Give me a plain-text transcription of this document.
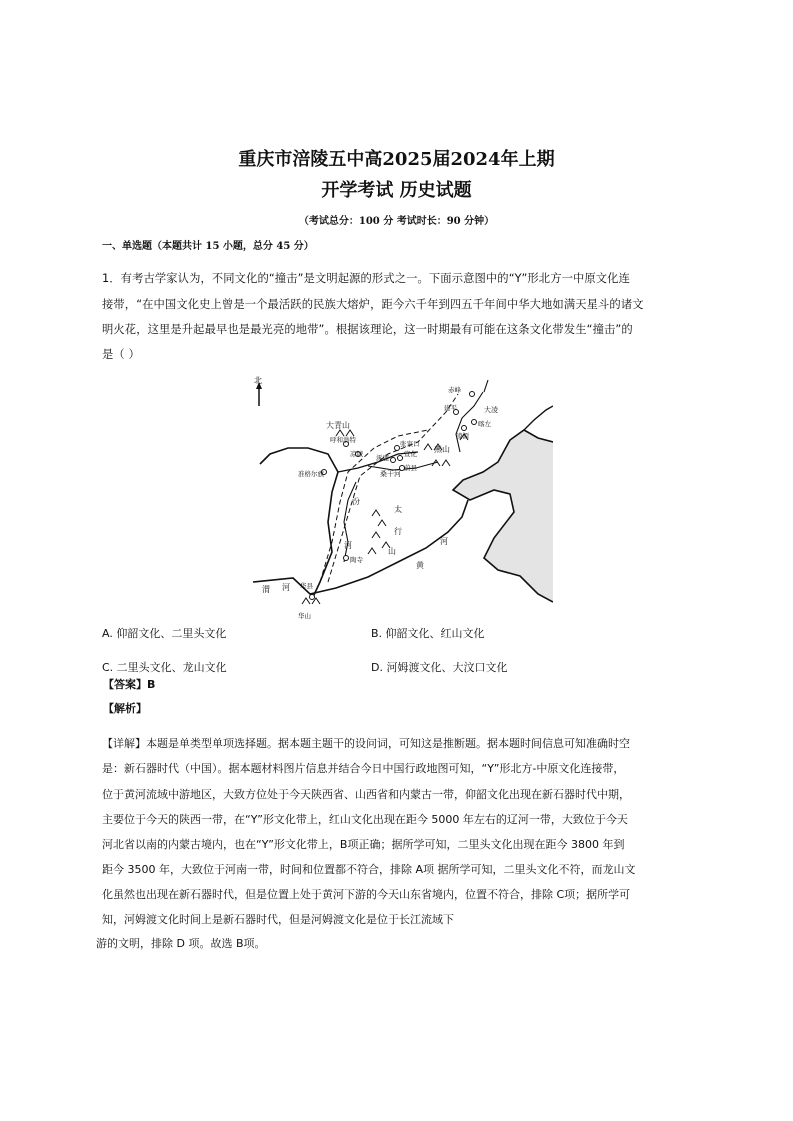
重庆市涪陵五中高2025届2024年上期
开学考试 历史试题
（考试总分：100 分 考试时长：90 分钟）
一、单选题（本题共计 15 小题，总分 45 分）
1．有考古学家认为，不同文化的“撞击”是文明起源的形式之一。下面示意图中的“Y”形北方一中原文化连
接带，“在中国文化史上曾是一个最活跃的民族大熔炉，距今六千年到四五千年间中华大地如满天星斗的诸文
明火花，这里是升起最早也是最光亮的地带”。根据该理论，这一时期最有可能在这条文化带发生“撞击”的
是（ ）
北
赤峰
建平
凌源
喀左
大凌
大青山
呼和浩特
凉城
张家口
宣化
涿鹿
蔚县
燕山
桑干河
准格尔旗
汾
河
太
行
山
陶寺
黄
河
渭 河 华县
华山
A. 仰韶文化、二里头文化	B. 仰韶文化、红山文化
C. 二里头文化、龙山文化	D. 河姆渡文化、大汶口文化
【答案】B
【解析】
【详解】本题是单类型单项选择题。据本题主题干的设问词，可知这是推断题。据本题时间信息可知准确时空
是：新石器时代（中国）。据本题材料图片信息并结合今日中国行政地图可知，“Y”形北方-中原文化连接带，
位于黄河流域中游地区，大致方位处于今天陕西省、山西省和内蒙古一带，仰韶文化出现在新石器时代中期，
主要位于今天的陕西一带，在“Y”形文化带上，红山文化出现在距今 5000 年左右的辽河一带，大致位于今天
河北省以南的内蒙古境内，也在“Y”形文化带上，B项正确；据所学可知，二里头文化出现在距今 3800 年到
距今 3500 年，大致位于河南一带，时间和位置都不符合，排除 A项 据所学可知，二里头文化不符，而龙山文
化虽然也出现在新石器时代，但是位置上处于黄河下游的今天山东省境内，位置不符合，排除 C项；据所学可
知，河姆渡文化时间上是新石器时代，但是河姆渡文化是位于长江流域下
游的文明，排除 D 项。故选 B项。
